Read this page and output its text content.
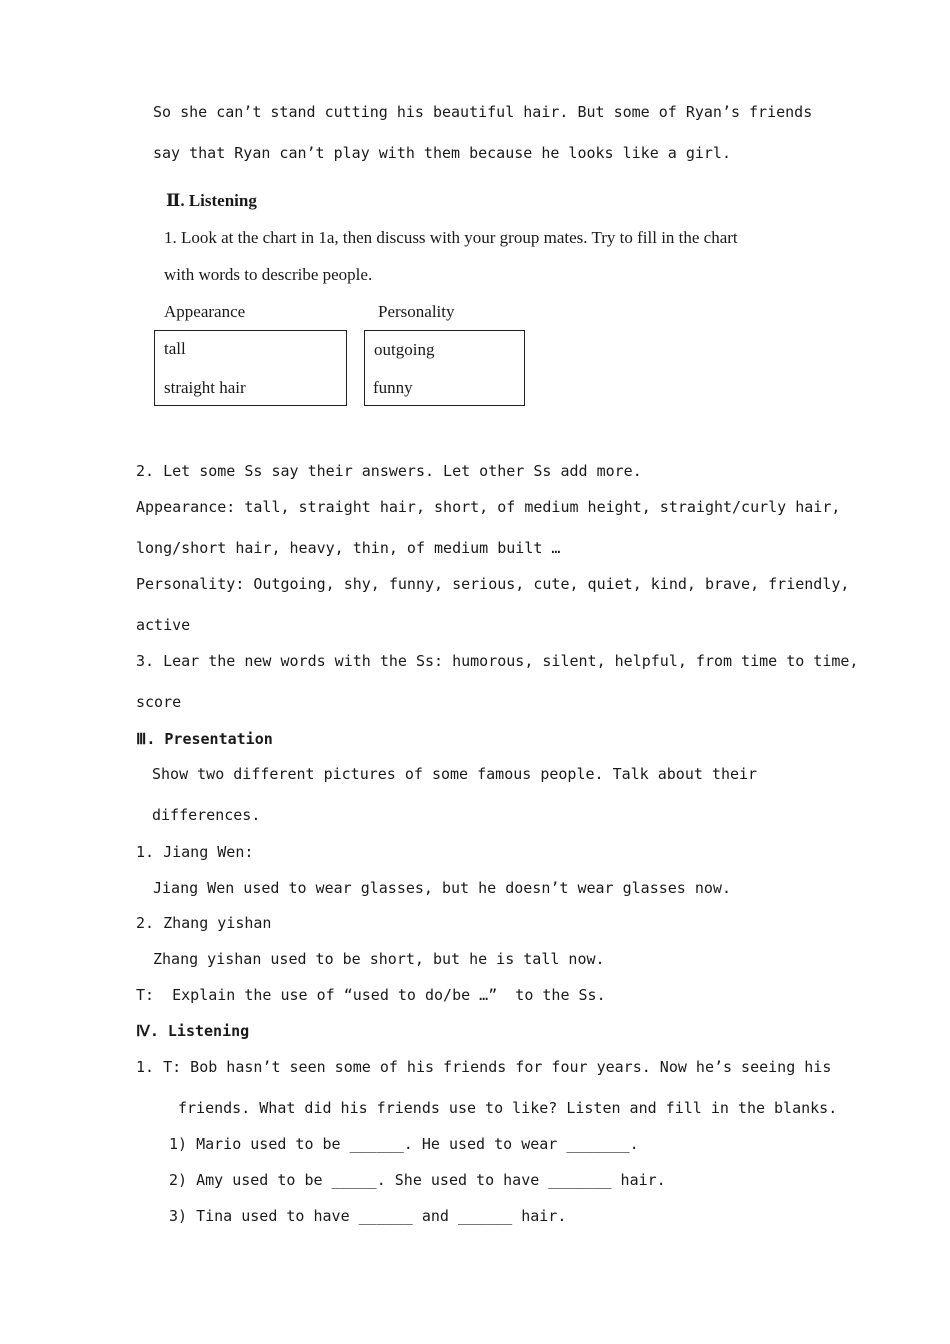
So she can’t stand cutting his beautiful hair. But some of Ryan’s friends
say that Ryan can’t play with them because he looks like a girl.
Ⅱ. Listening
1. Look at the chart in 1a, then discuss with your group mates. Try to fill in the chart
with words to describe people.
Appearance	Personality
tall
straight hair
outgoing
funny
2. Let some Ss say their answers. Let other Ss add more.
Appearance: tall, straight hair, short, of medium height, straight/curly hair,
long/short hair, heavy, thin, of medium built …
Personality: Outgoing, shy, funny, serious, cute, quiet, kind, brave, friendly,
active
3. Lear the new words with the Ss: humorous, silent, helpful, from time to time,
score
Ⅲ. Presentation
Show two different pictures of some famous people. Talk about their
differences.
1. Jiang Wen:
Jiang Wen used to wear glasses, but he doesn’t wear glasses now.
2. Zhang yishan
Zhang yishan used to be short, but he is tall now.
T:  Explain the use of “used to do/be …”  to the Ss.
Ⅳ. Listening
1. T: Bob hasn’t seen some of his friends for four years. Now he’s seeing his
friends. What did his friends use to like? Listen and fill in the blanks.
1) Mario used to be ______. He used to wear _______.
2) Amy used to be _____. She used to have _______ hair.
3) Tina used to have ______ and ______ hair.
